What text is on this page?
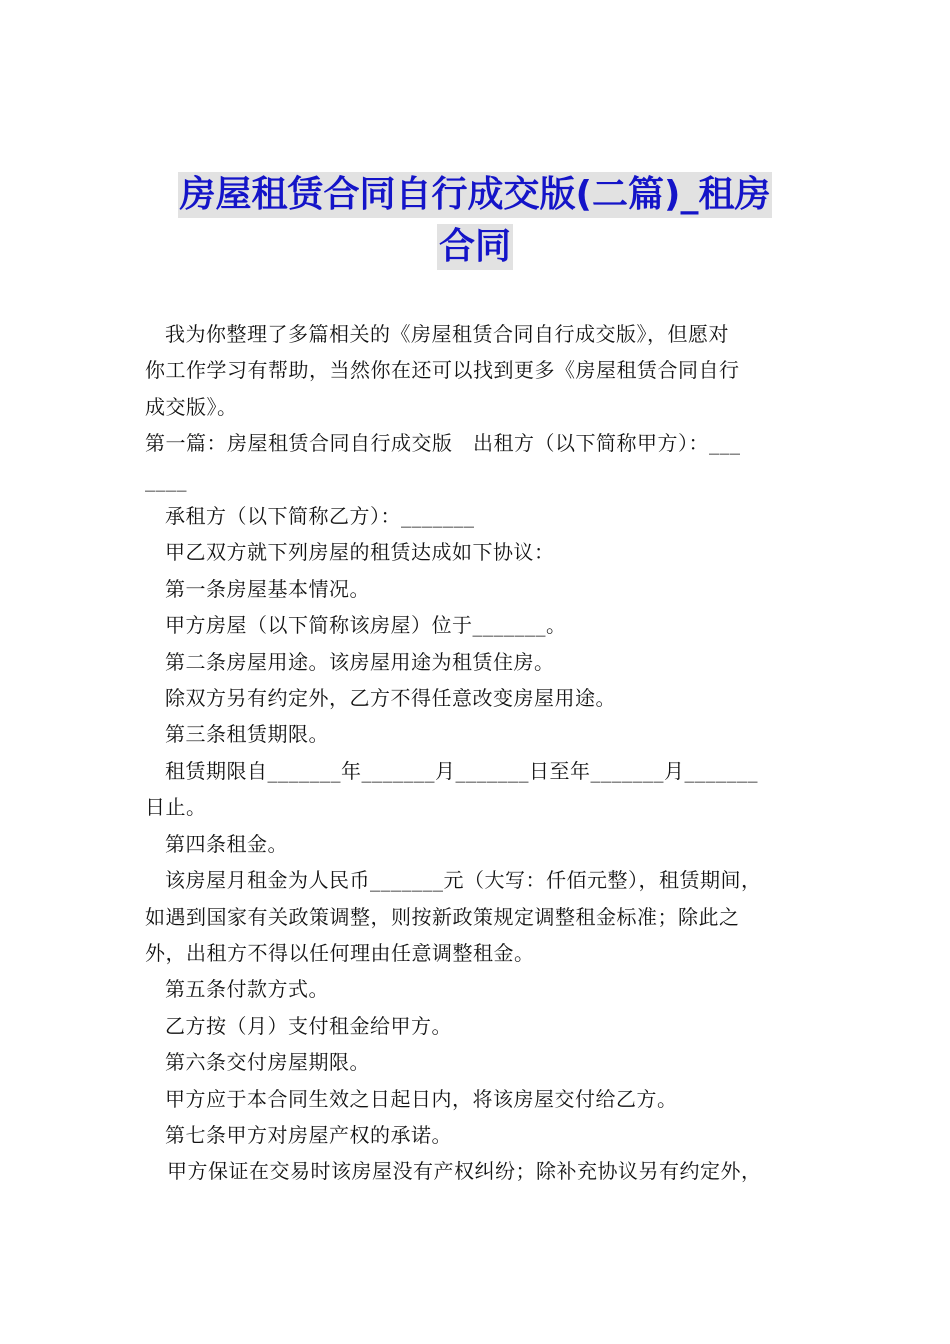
房屋租赁合同自行成交版(二篇)_租房
合同

我为你整理了多篇相关的《房屋租赁合同自行成交版》，但愿对

你工作学习有帮助，当然你在还可以找到更多《房屋租赁合同自行

成交版》。

第一篇：房屋租赁合同自行成交版　出租方（以下简称甲方）：___

____

承租方（以下简称乙方）：_______

甲乙双方就下列房屋的租赁达成如下协议：

第一条房屋基本情况。

甲方房屋（以下简称该房屋）位于_______。

第二条房屋用途。该房屋用途为租赁住房。

除双方另有约定外，乙方不得任意改变房屋用途。

第三条租赁期限。

租赁期限自_______年_______月_______日至年_______月_______

日止。

第四条租金。

该房屋月租金为人民币_______元（大写：仟佰元整），租赁期间，

如遇到国家有关政策调整，则按新政策规定调整租金标准；除此之

外，出租方不得以任何理由任意调整租金。

第五条付款方式。

乙方按（月）支付租金给甲方。

第六条交付房屋期限。

甲方应于本合同生效之日起日内，将该房屋交付给乙方。

第七条甲方对房屋产权的承诺。

甲方保证在交易时该房屋没有产权纠纷；除补充协议另有约定外，
